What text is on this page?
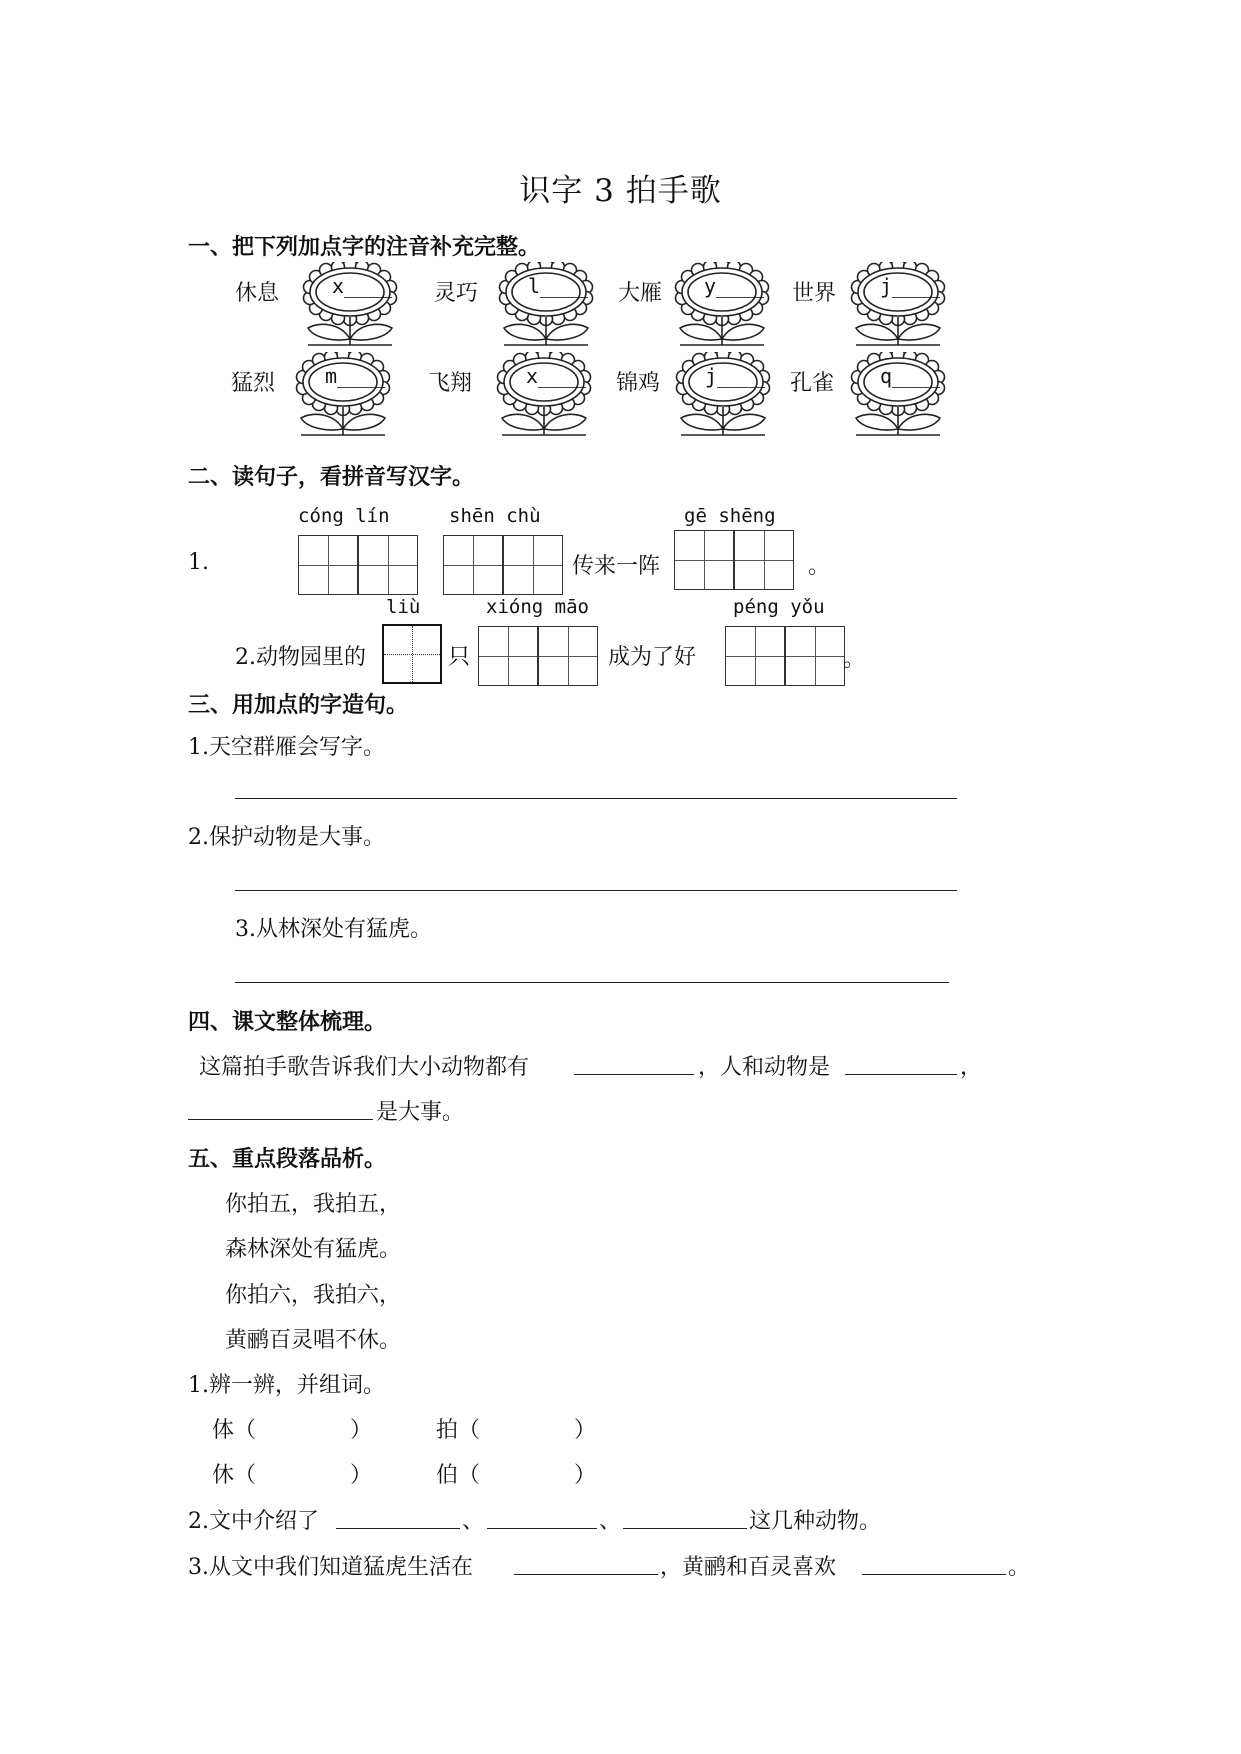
识字 3 拍手歌
一、把下列加点字的注音补充完整。
休息	x____ 灵巧 l____ 大雁 y____ 世界 j____
猛烈 m____ 飞翔	x____ 锦鸡 j____ 孔雀 q____
二、读句子，看拼音写汉字。
cóng lín	shēn chù	gē shēng
1.	传来一阵	。
liù	xióng māo	péng yǒu
2.动物园里的	只	成为了好	。
三、用加点的字造句。
1.天空群雁会写字。
2.保护动物是大事。
3.从林深处有猛虎。
四、课文整体梳理。
这篇拍手歌告诉我们大小动物都有	，人和动物是	，
是大事。
五、重点段落品析。
你拍五，我拍五，
森林深处有猛虎。
你拍六，我拍六，
黄鹂百灵唱不休。
1.辨一辨，并组词。
体（	）	拍（	）
休（	）	伯（	）
2.文中介绍了	、	、	这几种动物。
3.从文中我们知道猛虎生活在	，黄鹂和百灵喜欢	。
